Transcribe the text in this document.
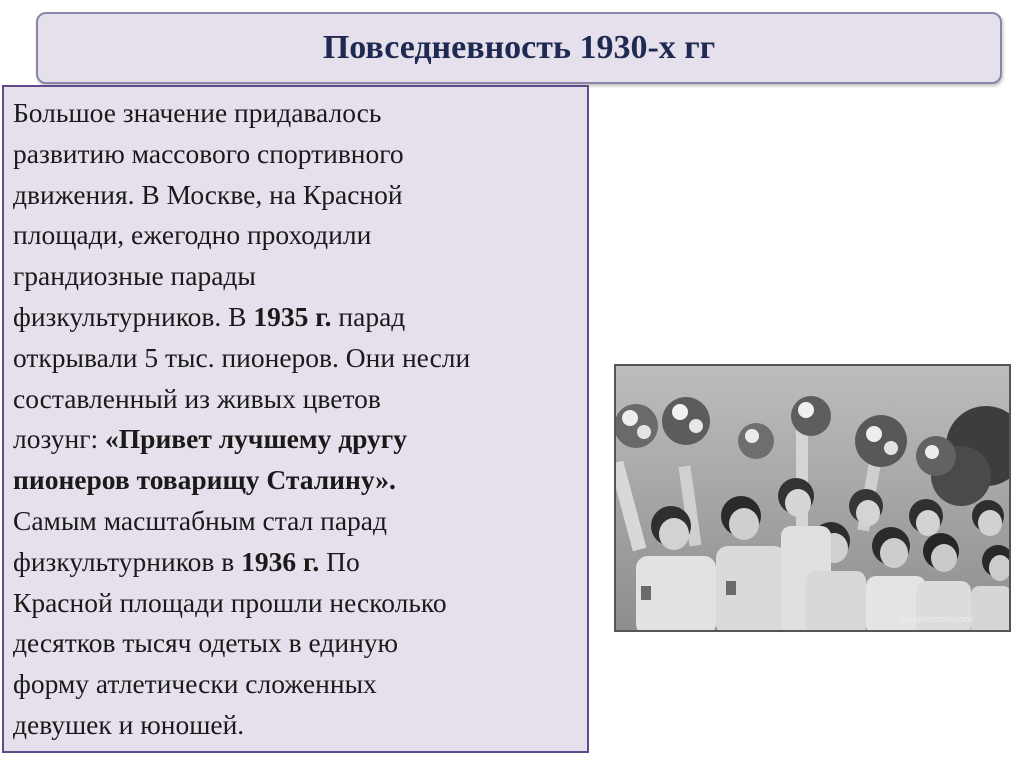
Повседневность 1930-х гг

Большое значение придавалось
развитию массового спортивного
движения. В Москве, на Красной
площади, ежегодно проходили
грандиозные парады
физкультурников. В 1935 г. парад
открывали 5 тыс. пионеров. Они несли
составленный из живых цветов
лозунг: «Привет лучшему другу
пионеров товарищу Сталину».
Самым масштабным стал парад
физкультурников в 1936 г. По
Красной площади прошли несколько
десятков тысяч одетых в единую
форму атлетически сложенных
девушек и юношей.

maxpenson.com
